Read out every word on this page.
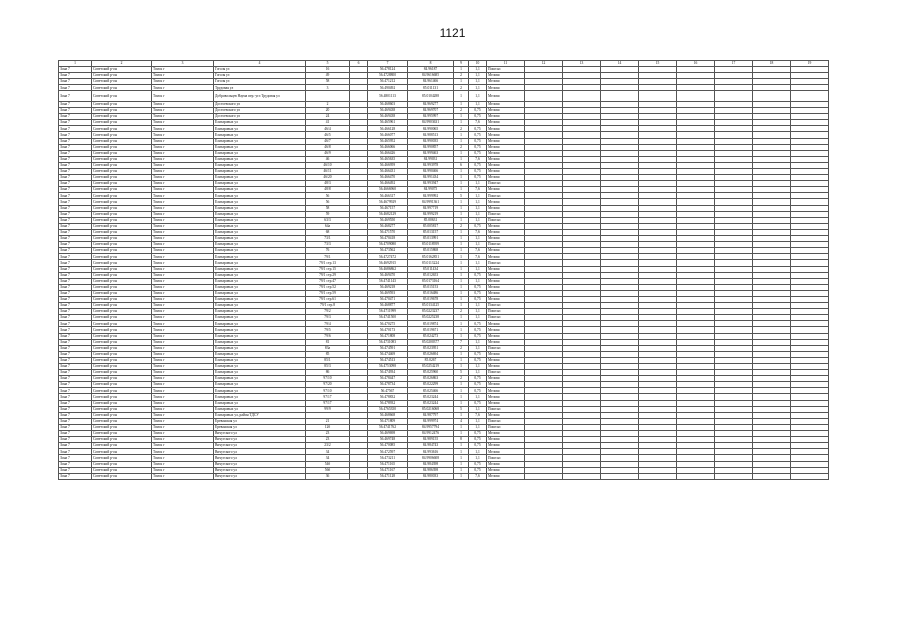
1121
1	2	3	4	5	6	7	8	9	10	11	12	13	14	15	16	17	18	19
Зона 7	Советский р-он	Томск г	Гоголя ул	16		56.478124	84.96187	1	1,1	Пошт.нс								
Зона 7	Советский р-он	Томск г	Гоголя ул	49		56.4728800	84.9616685	2	1,1	Мелмш								
Зона 7	Советский р-он	Томск г	Гоголя ул	58		56.471212	84.961466	1	1,1	Мелмш								
Зона 7	Советский р-он	Томск г	Трудовая ул	3		56.490492	85.011131	2	1,1	Мелмш								
Зона 7	Советский р-он	Томск г	Добровольцев Наума пер.-угл Трудовая ул			56.4801113	85.0104288	1	1,1	Мелмш								
Зона 7	Советский р-он	Томск г	Достоевского ул	2		56.468603	84.969277	1	1,1	Мелмш								
Зона 7	Советский р-он	Томск г	Достоевского ул	20		56.469438	84.969707	2	0,75	Мелмш								
Зона 7	Советский р-он	Томск г	Достоевского ул	24		56.469438	84.995997	1	0,75	Мелмш								
Зона 7	Советский р-он	Томск г	Елизаровых ул	41		56.465961	84.9903631	1	7,6	Мелмш								
Зона 7	Советский р-он	Томск г	Елизаровых ул	46/4		56.466128	84.990065	2	0,75	Мелмш								
Зона 7	Советский р-он	Томск г	Елизаровых ул	46/5		56.466077	84.988513	1	0,75	Мелмш								
Зона 7	Советский р-он	Томск г	Елизаровых ул	46/7		56.465952	84.990035	1	0,75	Мелмш								
Зона 7	Советский р-он	Томск г	Елизаровых ул	46/8		56.466066	84.990857	2	0,75	Мелмш								
Зона 7	Советский р-он	Томск г	Елизаровых ул	46/9		56.466426	84.999463	1	0,75	Мелмш								
Зона 7	Советский р-он	Томск г	Елизаровых ул	46		56.465635	84.99031	1	7,6	Мелмш								
Зона 7	Советский р-он	Томск г	Елизаровых ул	46/10		56.466959	84.993978	6	0,75	Мелмш								
Зона 7	Советский р-он	Томск г	Елизаровых ул	46/11		56.466431	84.990466	1	0,75	Мелмш								
Зона 7	Советский р-он	Томск г	Елизаровых ул	46/20		56.466470	84.991434	1	0,75	Мелмш								
Зона 7	Советский р-он	Томск г	Елизаровых ул	48/3		56.466492	84.993947	1	1,1	Пошт.нс								
Зона 7	Советский р-он	Томск г	Елизаровых ул	48/8		56.4666960	84.99075	1	7,6	Мелмш								
Зона 7	Советский р-он	Томск г	Елизаровых ул	56		56.466317	84.999992	5	1,1	Пошт.нс								
Зона 7	Советский р-он	Томск г	Елизаровых ул	56		56.4679929	84.9991361	1	1,1	Мелмш								
Зона 7	Советский р-он	Томск г	Елизаровых ул	58		56.467157	84.997719	1	1,1	Мелмш								
Зона 7	Советский р-он	Томск г	Елизаровых ул	59		56.4682129	84.999219	1	1,1	Пошт.нс								
Зона 7	Советский р-он	Томск г	Елизаровых ул	63/3		56.469550	85.00631	1	1,1	Пошт.нс								
Зона 7	Советский р-он	Томск г	Елизаровых ул	64а		56.468277	85.005817	2	0,75	Мелмш								
Зона 7	Советский р-он	Томск г	Елизаровых ул	68		56.471570	85.013157	1	7,6	Мелмш								
Зона 7	Советский р-он	Томск г	Елизаровых ул	73/1		56.470418	85.013991	1	1,1	Мелмш								
Зона 7	Советский р-он	Томск г	Елизаровых ул	73/3		56.4709080	85.0118959	1	1,1	Пошт.нс								
Зона 7	Советский р-он	Томск г	Елизаровых ул	76		56.473562	85.015868	1	7,6	Мелмш								
Зона 7	Советский р-он	Томск г	Елизаровых ул	79/1		56.4727472	85.0162851	1	7,6	Мелмш								
Зона 7	Советский р-он	Томск г	Елизаровых ул	79/1 стр.13		56.4692915	85.0113224	1	1,1	Пошт.нс								
Зона 7	Советский р-он	Томск г	Елизаровых ул	79/1 стр.15		56.4686862	85.011434	1	1,1	Мелмш								
Зона 7	Советский р-он	Томск г	Елизаровых ул	79/1 стр.29		56.469470	85.012653	1	0,75	Мелмш								
Зона 7	Советский р-он	Томск г	Елизаровых ул	79/1 стр.47		56.4741143	85.0173164	1	1,1	Мелмш								
Зона 7	Советский р-он	Томск г	Елизаровых ул	79/1 стр.52		56.469218	85.015153	1	0,75	Мелмш								
Зона 7	Советский р-он	Томск г	Елизаровых ул	79/1 стр.59		56.469593	85.016486	1	0,75	Мелмш								
Зона 7	Советский р-он	Томск г	Елизаровых ул	79/1 стр.61		56.470471	85.019678	1	0,75	Мелмш								
Зона 7	Советский р-он	Томск г	Елизаровых ул	79/1 стр.8		56.468877	85.0134125	1	1,1	Пошт.нс								
Зона 7	Советский р-он	Томск г	Елизаровых ул	79/2		56.4711999	85.0223237	2	1,1	Пошт.нс								
Зона 7	Советский р-он	Томск г	Елизаровых ул	79/3		56.4741500	85.0225238	1	1,1	Пошт.нс								
Зона 7	Советский р-он	Томск г	Елизаровых ул	79/4		56.470275	85.019874	1	0,75	Мелмш								
Зона 7	Советский р-он	Томск г	Елизаровых ул	79/5		56.470173	85.019671	1	0,75	Мелмш								
Зона 7	Советский р-он	Томск г	Елизаровых ул	79/6		56.471808	85.024273	1	0,75	Мелмш								
Зона 7	Советский р-он	Томск г	Елизаровых ул	81		56.4731083	85.0200377	7	1,1	Мелмш								
Зона 7	Советский р-он	Томск г	Елизаровых ул	83а		56.474591	85.023951	2	1,1	Пошт.нс								
Зона 7	Советский р-он	Томск г	Елизаровых ул	85		56.474469	85.026694	1	0,75	Мелмш								
Зона 7	Советский р-он	Томск г	Елизаровых ул	85/1		56.474513	85.0267	1	0,75	Мелмш								
Зона 7	Советский р-он	Томск г	Елизаровых ул	85/3		56.4753098	85.0254219	1	1,1	Мелмш								
Зона 7	Советский р-он	Томск г	Елизаровых ул	86		56.474934	85.025960	5	1,1	Пошт.нс								
Зона 7	Советский р-он	Томск г	Елизаровых ул	97/10		56.478447	85.026863	2	0,75	Мелмш								
Зона 7	Советский р-он	Томск г	Елизаровых ул	97/20		56.478734	85.022299	1	0,75	Мелмш								
Зона 7	Советский р-он	Томск г	Елизаровых ул	97/10		56.47567	85.025466	1	0,75	Мелмш								
Зона 7	Советский р-он	Томск г	Елизаровых ул	97/17		56.478832	85.023244	1	1,1	Мелмш								
Зона 7	Советский р-он	Томск г	Елизаровых ул	97/17		56.478932	85.023244	1	0,75	Мелмш								
Зона 7	Советский р-он	Томск г	Елизаровых ул	99/9		56.4765350	85.0216068	5	1,1	Пошт.нс								
Зона 7	Советский р-он	Томск г	Елизаровых ул, район ТДСУ			56.468668	84.987797	1	7,6	Мелмш								
Зона 7	Советский р-он	Томск г	Ереванская ул	21		56.471809	84.999974	4	1,1	Пошт.нс								
Зона 7	Советский р-он	Томск г	Ереванская ул	12б		56.4741762	84.9957794	1	1,1	Пошт.нс								
Зона 7	Советский р-он	Томск г	Вичугского ул	23		56.469698	84.9912476	1	0,75	Мелмш								
Зона 7	Советский р-он	Томск г	Вичугского ул	23		56.469748	84.989155	8	0,75	Мелмш								
Зона 7	Советский р-он	Томск г	Вичугского ул	23/2		56.470085	84.984743	1	0,75	Мелмш								
Зона 7	Советский р-он	Томск г	Вичугского ул	34		56.472597	84.993616	1	1,1	Мелмш								
Зона 7	Советский р-он	Томск г	Вичугского ул	34		56.473211	84.9906608	1	1,1	Пошт.нс								
Зона 7	Советский р-он	Томск г	Вичугского ул	54б		56.471165	84.984398	1	0,75	Мелмш								
Зона 7	Советский р-он	Томск г	Вичугского ул	56б		56.471167	84.986398	1	0,75	Мелмш								
Зона 7	Советский р-он	Томск г	Вичугского ул	36		56.471128	84.980033	1	7,6	Мелмш								
